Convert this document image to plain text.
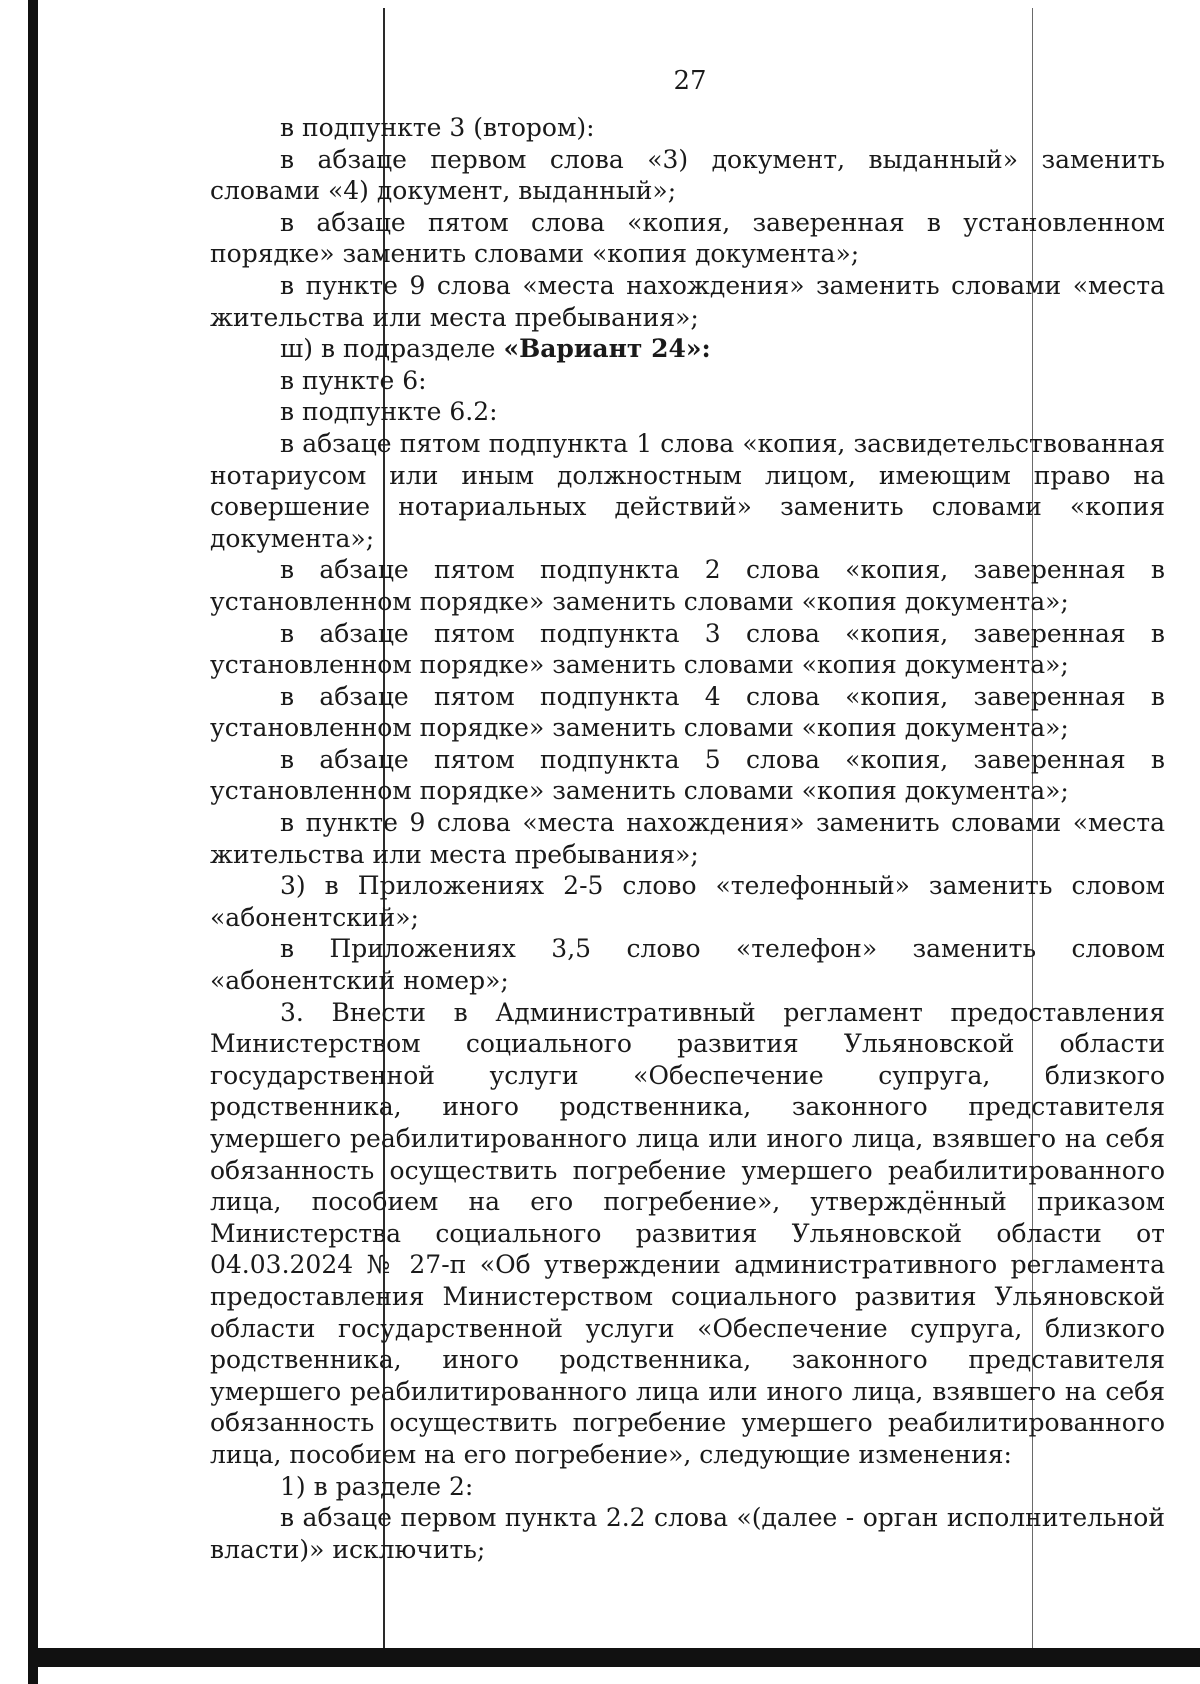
27

в подпункте 3 (втором):

в абзаце первом слова «3) документ, выданный» заменить словами «4) документ, выданный»;

в абзаце пятом слова «копия, заверенная в установленном порядке» заменить словами «копия документа»;

в пункте 9 слова «места нахождения» заменить словами «места жительства или места пребывания»;

ш) в подразделе «Вариант 24»:

в пункте 6:

в подпункте 6.2:

в абзаце пятом подпункта 1 слова «копия, засвидетельствованная нотариусом или иным должностным лицом, имеющим право на совершение нотариальных действий» заменить словами «копия документа»;

в абзаце пятом подпункта 2 слова «копия, заверенная в установленном порядке» заменить словами «копия документа»;

в абзаце пятом подпункта 3 слова «копия, заверенная в установленном порядке» заменить словами «копия документа»;

в абзаце пятом подпункта 4 слова «копия, заверенная в установленном порядке» заменить словами «копия документа»;

в абзаце пятом подпункта 5 слова «копия, заверенная в установленном порядке» заменить словами «копия документа»;

в пункте 9 слова «места нахождения» заменить словами «места жительства или места пребывания»;

3) в Приложениях 2-5 слово «телефонный» заменить словом «абонентский»;

в Приложениях 3,5 слово «телефон» заменить словом «абонентский номер»;

3. Внести в Административный регламент предоставления Министерством социального развития Ульяновской области государственной услуги «Обеспечение супруга, близкого родственника, иного родственника, законного представителя умершего реабилитированного лица или иного лица, взявшего на себя обязанность осуществить погребение умершего реабилитированного лица, пособием на его погребение», утверждённый приказом Министерства социального развития Ульяновской области от 04.03.2024 № 27-п «Об утверждении административного регламента предоставления Министерством социального развития Ульяновской области государственной услуги «Обеспечение супруга, близкого родственника, иного родственника, законного представителя умершего реабилитированного лица или иного лица, взявшего на себя обязанность осуществить погребение умершего реабилитированного лица, пособием на его погребение», следующие изменения:

1) в разделе 2:

в абзаце первом пункта 2.2 слова «(далее - орган исполнительной власти)» исключить;
